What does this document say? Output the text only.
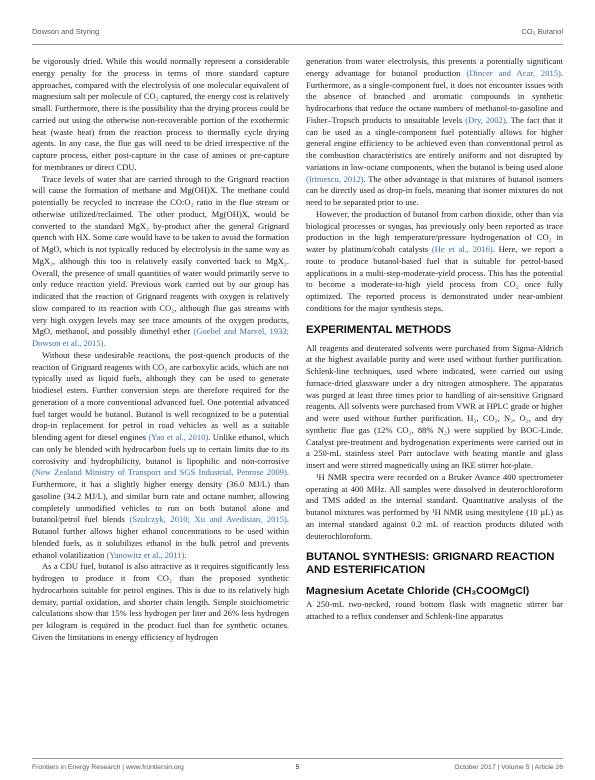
Dowson and Styring	CO₂ Butanol

be vigorously dried. While this would normally represent a considerable energy penalty for the process in terms of more standard capture approaches, compared with the electrolysis of one molecular equivalent of magnesium salt per molecule of CO₂ captured, the energy cost is relatively small. Furthermore, there is the possibility that the drying process could be carried out using the otherwise non-recoverable portion of the exothermic heat (waste heat) from the reaction process to thermally cycle drying agents. In any case, the flue gas will need to be dried irrespective of the capture process, either post-capture in the case of amines or pre-capture for membranes or direct CDU.

Trace levels of water that are carried through to the Grignard reaction will cause the formation of methane and Mg(OH)X. The methane could potentially be recycled to increase the CO:O₂ ratio in the flue stream or otherwise utilized/reclaimed. The other product, Mg(OH)X, would be converted to the standard MgX₂ by-product after the general Grignard quench with HX. Some care would have to be taken to avoid the formation of MgO, which is not typically reduced by electrolysis in the same way as MgX₂, although this too is relatively easily converted back to MgX₂. Overall, the presence of small quantities of water would primarily serve to only reduce reaction yield. Previous work carried out by our group has indicated that the reaction of Grignard reagents with oxygen is relatively slow compared to its reaction with CO₂, although flue gas streams with very high oxygen levels may see trace amounts of the oxygen products, MgO, methanol, and possibly dimethyl ether (Goebel and Marvel, 1933; Dowson et al., 2015).

Without these undesirable reactions, the post-quench products of the reaction of Grignard reagents with CO₂ are carboxylic acids, which are not typically used as liquid fuels, although they can be used to generate biodiesel esters. Further conversion steps are therefore required for the generation of a more conventional advanced fuel. One potential advanced fuel target would be butanol. Butanol is well recognized to be a potential drop-in replacement for petrol in road vehicles as well as a suitable blending agent for diesel engines (Yao et al., 2010). Unlike ethanol, which can only be blended with hydrocarbon fuels up to certain limits due to its corrosivity and hydrophilicity, butanol is lipophilic and non-corrosive (New Zealand Ministry of Transport and SGS Industrial, Penrose 2009). Furthermore, it has a slightly higher energy density (36.0 MJ/L) than gasoline (34.2 MJ/L), and similar burn rate and octane number, allowing completely unmodified vehicles to run on both butanol alone and butanol/petrol fuel blends (Szulczyk, 2010; Xu and Avedisian, 2015). Butanol further allows higher ethanol concentrations to be used within blended fuels, as it solubilizes ethanol in the bulk petrol and prevents ethanol volatilization (Yanowitz et al., 2011).

As a CDU fuel, butanol is also attractive as it requires significantly less hydrogen to produce it from CO₂ than the proposed synthetic hydrocarbons suitable for petrol engines. This is due to its relatively high density, partial oxidation, and shorter chain length. Simple stoichiometric calculations show that 15% less hydrogen per liter and 26% less hydrogen per kilogram is required in the product fuel than for synthetic octanes. Given the limitations in energy efficiency of hydrogen

generation from water electrolysis, this presents a potentially significant energy advantage for butanol production (Dincer and Acar, 2015). Furthermore, as a single-component fuel, it does not encounter issues with the absence of branched and aromatic compounds in synthetic hydrocarbons that reduce the octane numbers of methanol-to-gasoline and Fisher–Tropsch products to unsuitable levels (Dry, 2002). The fact that it can be used as a single-component fuel potentially allows for higher general engine efficiency to be achieved even than conventional petrol as the combustion characteristics are entirely uniform and not disrupted by variations in low-octane components, when the butanol is being used alone (Irimescu, 2012). The other advantage is that mixtures of butanol isomers can be directly used as drop-in fuels, meaning that isomer mixtures do not need to be separated prior to use.

However, the production of butanol from carbon dioxide, other than via biological processes or syngas, has previously only been reported as trace production in the high temperature/pressure hydrogenation of CO₂ in water by platinum/cobalt catalysts (He et al., 2016). Here, we report a route to produce butanol-based fuel that is suitable for petrol-based applications in a multi-step-moderate-yield process. This has the potential to become a moderate-to-high yield process from CO₂ once fully optimized. The reported process is demonstrated under near-ambient conditions for the major synthesis steps.

EXPERIMENTAL METHODS

All reagents and deuterated solvents were purchased from Sigma-Aldrich at the highest available purity and were used without further purification. Schlenk-line techniques, used where indicated, were carried out using furnace-dried glassware under a dry nitrogen atmosphere. The apparatus was purged at least three times prior to handling of air-sensitive Grignard reagents. All solvents were purchased from VWR at HPLC grade or higher and were used without further purification. H₂, CO₂, N₂, O₂, and dry synthetic flue gas (12% CO₂, 88% N₂) were supplied by BOC-Linde. Catalyst pre-treatment and hydrogenation experiments were carried out in a 250-mL stainless steel Parr autoclave with heating mantle and glass insert and were stirred magnetically using an IKE stirrer hot-plate.

¹H NMR spectra were recorded on a Bruker Avance 400 spectrometer operating at 400 MHz. All samples were dissolved in deuterochloroform and TMS added as the internal standard. Quantitative analysis of the butanol mixtures was performed by ¹H NMR using mesitylene (10 µL) as an internal standard against 0.2 mL of reaction products diluted with deuterochloroform.

BUTANOL SYNTHESIS: GRIGNARD REACTION AND ESTERIFICATION
Magnesium Acetate Chloride (CH₃COOMgCl)

A 250-mL two-necked, round bottom flask with magnetic stirrer bar attached to a reflux condenser and Schlenk-line apparatus

Frontiers in Energy Research | www.frontiersin.org	5	October 2017 | Volume 5 | Article 26
